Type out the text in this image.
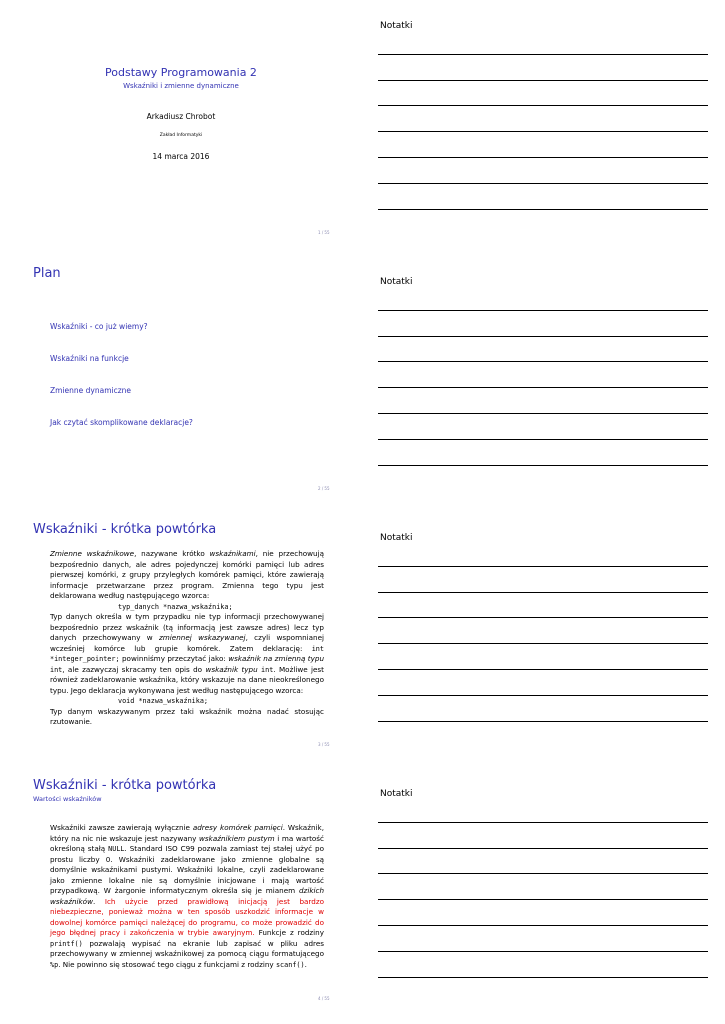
Podstawy Programowania 2
Wskaźniki i zmienne dynamiczne
Arkadiusz Chrobot
Zakład Informatyki
14 marca 2016
1 / 55
Notatki
Plan
Wskaźniki - co już wiemy?
Wskaźniki na funkcje
Zmienne dynamiczne
Jak czytać skomplikowane deklaracje?
2 / 55
Notatki
Wskaźniki - krótka powtórka
Zmienne wskaźnikowe, nazywane krótko wskaźnikami, nie przechowują bezpośrednio danych, ale adres pojedynczej komórki pamięci lub adres pierwszej komórki, z grupy przyległych komórek pamięci, które zawierają informacje przetwarzane przez program. Zmienna tego typu jest deklarowana według następującego wzorca:
typ_danych *nazwa_wskaźnika;
Typ danych określa w tym przypadku nie typ informacji przechowywanej bezpośrednio przez wskaźnik (tą informacją jest zawsze adres) lecz typ danych przechowywany w zmiennej wskazywanej, czyli wspomnianej wcześniej komórce lub grupie komórek. Zatem deklarację: int *integer_pointer; powinniśmy przeczytać jako: wskaźnik na zmienną typu int, ale zazwyczaj skracamy ten opis do wskaźnik typu int. Możliwe jest również zadeklarowanie wskaźnika, który wskazuje na dane nieokreślonego typu. Jego deklaracja wykonywana jest według następującego wzorca:
void *nazwa_wskaźnika;
Typ danym wskazywanym przez taki wskaźnik można nadać stosując rzutowanie.
3 / 55
Notatki
Wskaźniki - krótka powtórka
Wartości wskaźników
Wskaźniki zawsze zawierają wyłącznie adresy komórek pamięci. Wskaźnik, który na nic nie wskazuje jest nazywany wskaźnikiem pustym i ma wartość określoną stałą NULL. Standard ISO C99 pozwala zamiast tej stałej użyć po prostu liczby 0. Wskaźniki zadeklarowane jako zmienne globalne są domyślnie wskaźnikami pustymi. Wskaźniki lokalne, czyli zadeklarowane jako zmienne lokalne nie są domyślnie inicjowane i mają wartość przypadkową. W żargonie informatycznym określa się je mianem dzikich wskaźników. Ich użycie przed prawidłową inicjacją jest bardzo niebezpieczne, ponieważ można w ten sposób uszkodzić informacje w dowolnej komórce pamięci należącej do programu, co może prowadzić do jego błędnej pracy i zakończenia w trybie awaryjnym. Funkcje z rodziny printf() pozwalają wypisać na ekranie lub zapisać w pliku adres przechowywany w zmiennej wskaźnikowej za pomocą ciągu formatującego %p. Nie powinno się stosować tego ciągu z funkcjami z rodziny scanf().
4 / 55
Notatki
